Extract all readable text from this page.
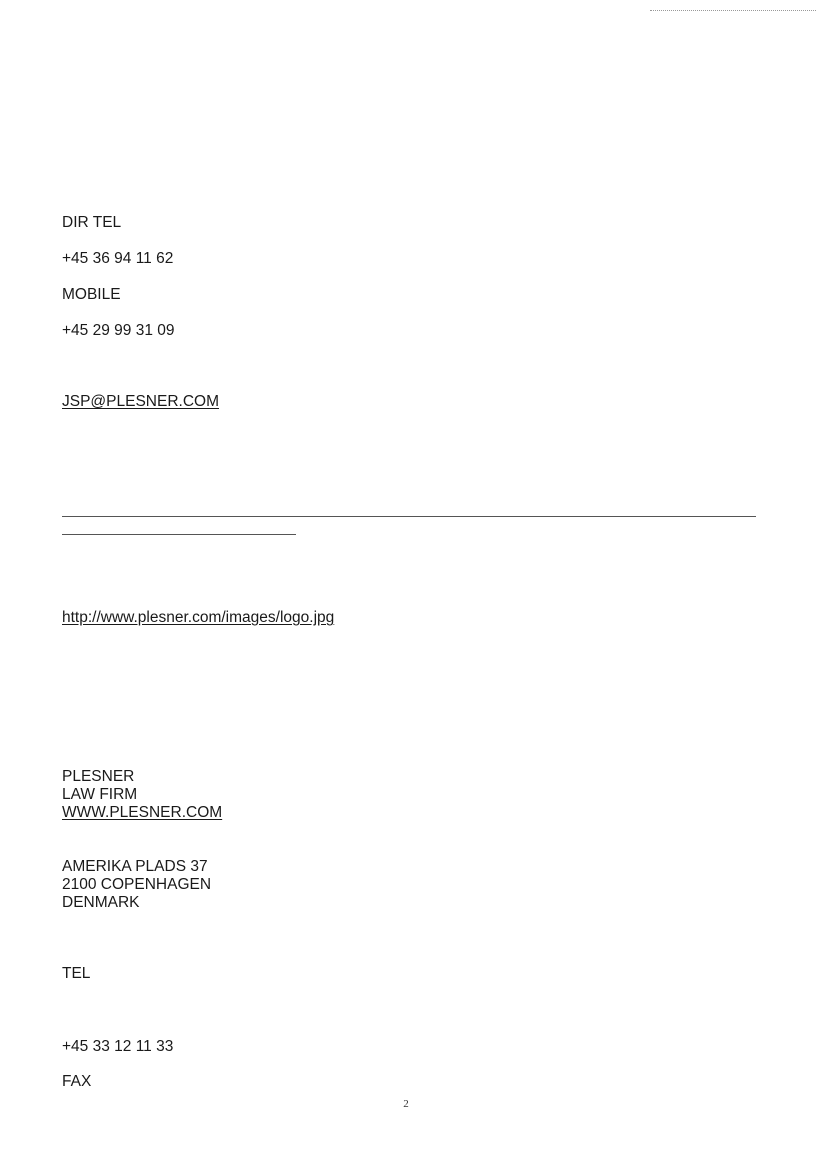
DIR TEL
+45 36 94 11 62
MOBILE
+45 29 99 31 09
JSP@PLESNER.COM
http://www.plesner.com/images/logo.jpg
PLESNER
LAW FIRM
WWW.PLESNER.COM
AMERIKA PLADS 37
2100 COPENHAGEN
DENMARK
TEL
+45 33 12 11 33
FAX
2
